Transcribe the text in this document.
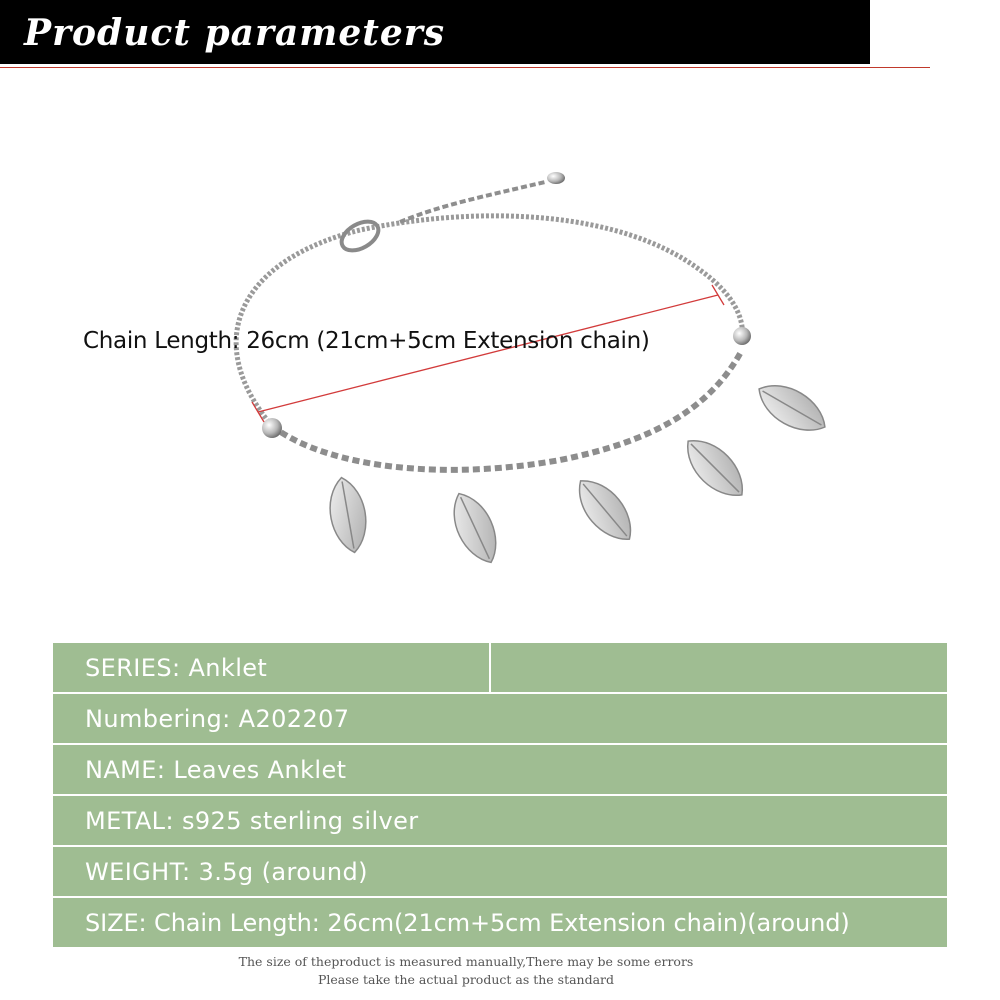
Product parameters
Chain Length: 26cm (21cm+5cm Extension chain)
SERIES: Anklet
Numbering: A202207
NAME: Leaves Anklet
METAL: s925 sterling silver
WEIGHT: 3.5g (around)
SIZE: Chain Length: 26cm(21cm+5cm Extension chain)(around)
The size of theproduct is measured manually,There may be some errors
Please take the actual product as the standard
